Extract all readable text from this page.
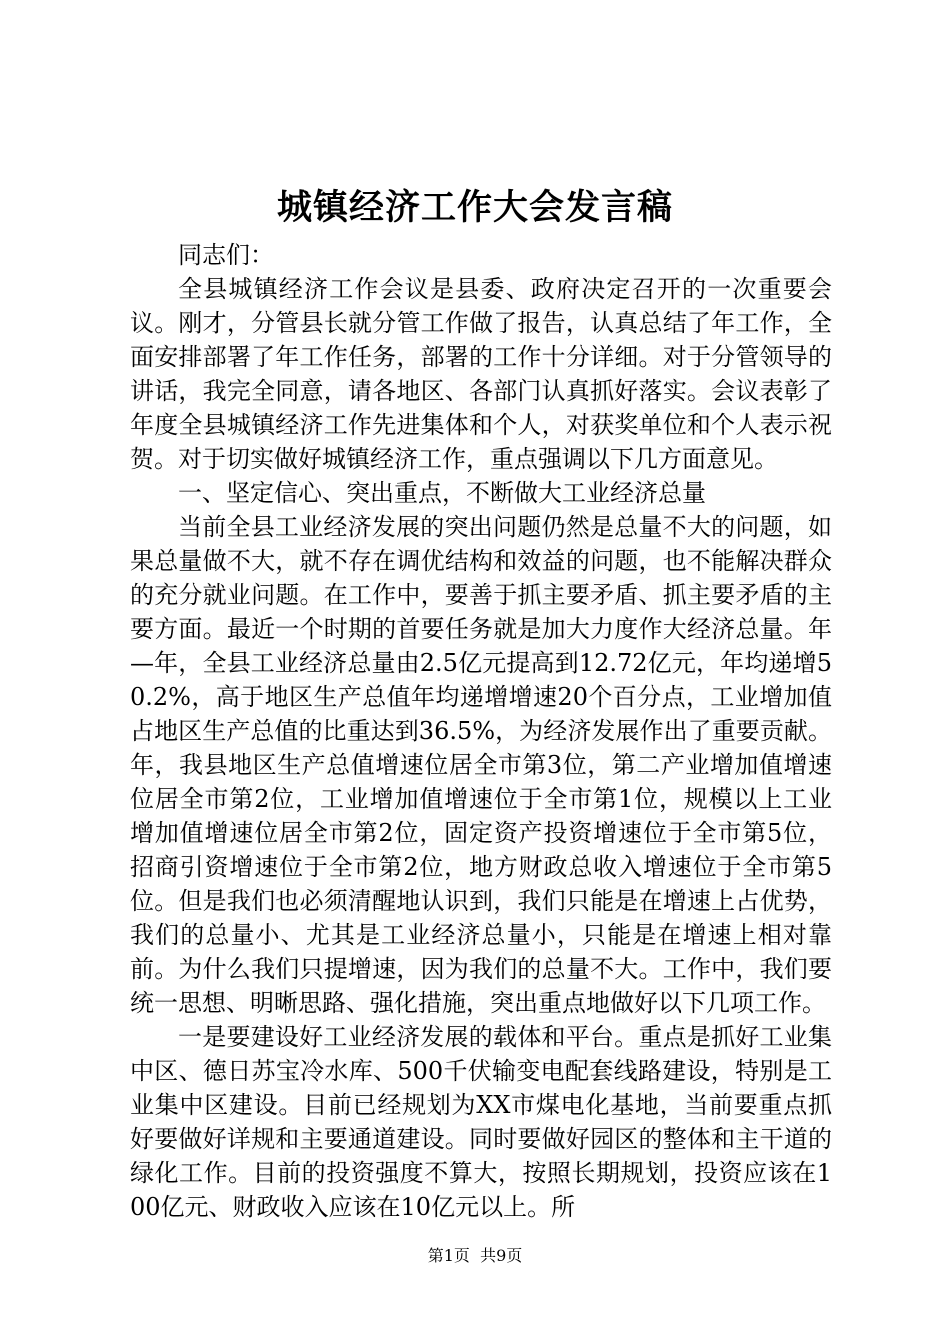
城镇经济工作大会发言稿

同志们：

全县城镇经济工作会议是县委、政府决定召开的一次重要会议。刚才，分管县长就分管工作做了报告，认真总结了年工作，全面安排部署了年工作任务，部署的工作十分详细。对于分管领导的讲话，我完全同意，请各地区、各部门认真抓好落实。会议表彰了年度全县城镇经济工作先进集体和个人，对获奖单位和个人表示祝贺。对于切实做好城镇经济工作，重点强调以下几方面意见。

一、坚定信心、突出重点，不断做大工业经济总量

当前全县工业经济发展的突出问题仍然是总量不大的问题，如果总量做不大，就不存在调优结构和效益的问题，也不能解决群众的充分就业问题。在工作中，要善于抓主要矛盾、抓主要矛盾的主要方面。最近一个时期的首要任务就是加大力度作大经济总量。年—年，全县工业经济总量由2.5亿元提高到12.72亿元，年均递增50.2%，高于地区生产总值年均递增增速20个百分点，工业增加值占地区生产总值的比重达到36.5%，为经济发展作出了重要贡献。年，我县地区生产总值增速位居全市第3位，第二产业增加值增速位居全市第2位，工业增加值增速位于全市第1位，规模以上工业增加值增速位居全市第2位，固定资产投资增速位于全市第5位，招商引资增速位于全市第2位，地方财政总收入增速位于全市第5位。但是我们也必须清醒地认识到，我们只能是在增速上占优势，我们的总量小、尤其是工业经济总量小，只能是在增速上相对靠前。为什么我们只提增速，因为我们的总量不大。工作中，我们要统一思想、明晰思路、强化措施，突出重点地做好以下几项工作。

一是要建设好工业经济发展的载体和平台。重点是抓好工业集中区、德日苏宝冷水库、500千伏输变电配套线路建设，特别是工业集中区建设。目前已经规划为XX市煤电化基地，当前要重点抓好要做好详规和主要通道建设。同时要做好园区的整体和主干道的绿化工作。目前的投资强度不算大，按照长期规划，投资应该在100亿元、财政收入应该在10亿元以上。所

第1页  共9页
